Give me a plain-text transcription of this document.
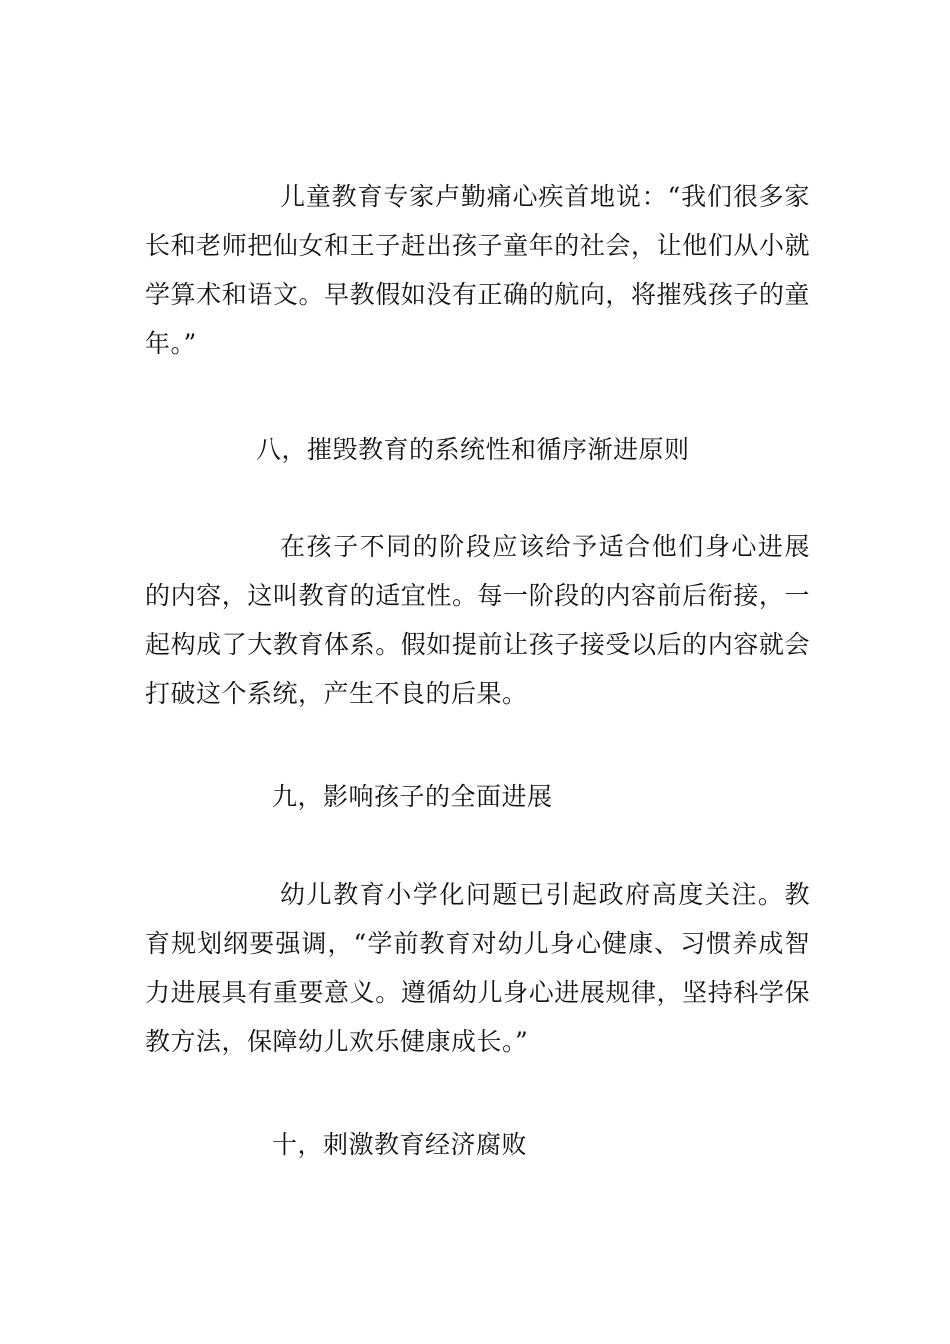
儿童教育专家卢勤痛心疾首地说：“我们很多家长和老师把仙女和王子赶出孩子童年的社会，让他们从小就学算术和语文。早教假如没有正确的航向，将摧残孩子的童年。”

八，摧毁教育的系统性和循序渐进原则

在孩子不同的阶段应该给予适合他们身心进展的内容，这叫教育的适宜性。每一阶段的内容前后衔接，一起构成了大教育体系。假如提前让孩子接受以后的内容就会打破这个系统，产生不良的后果。

九，影响孩子的全面进展

幼儿教育小学化问题已引起政府高度关注。教育规划纲要强调，“学前教育对幼儿身心健康、习惯养成智力进展具有重要意义。遵循幼儿身心进展规律，坚持科学保教方法，保障幼儿欢乐健康成长。”

十，刺激教育经济腐败
